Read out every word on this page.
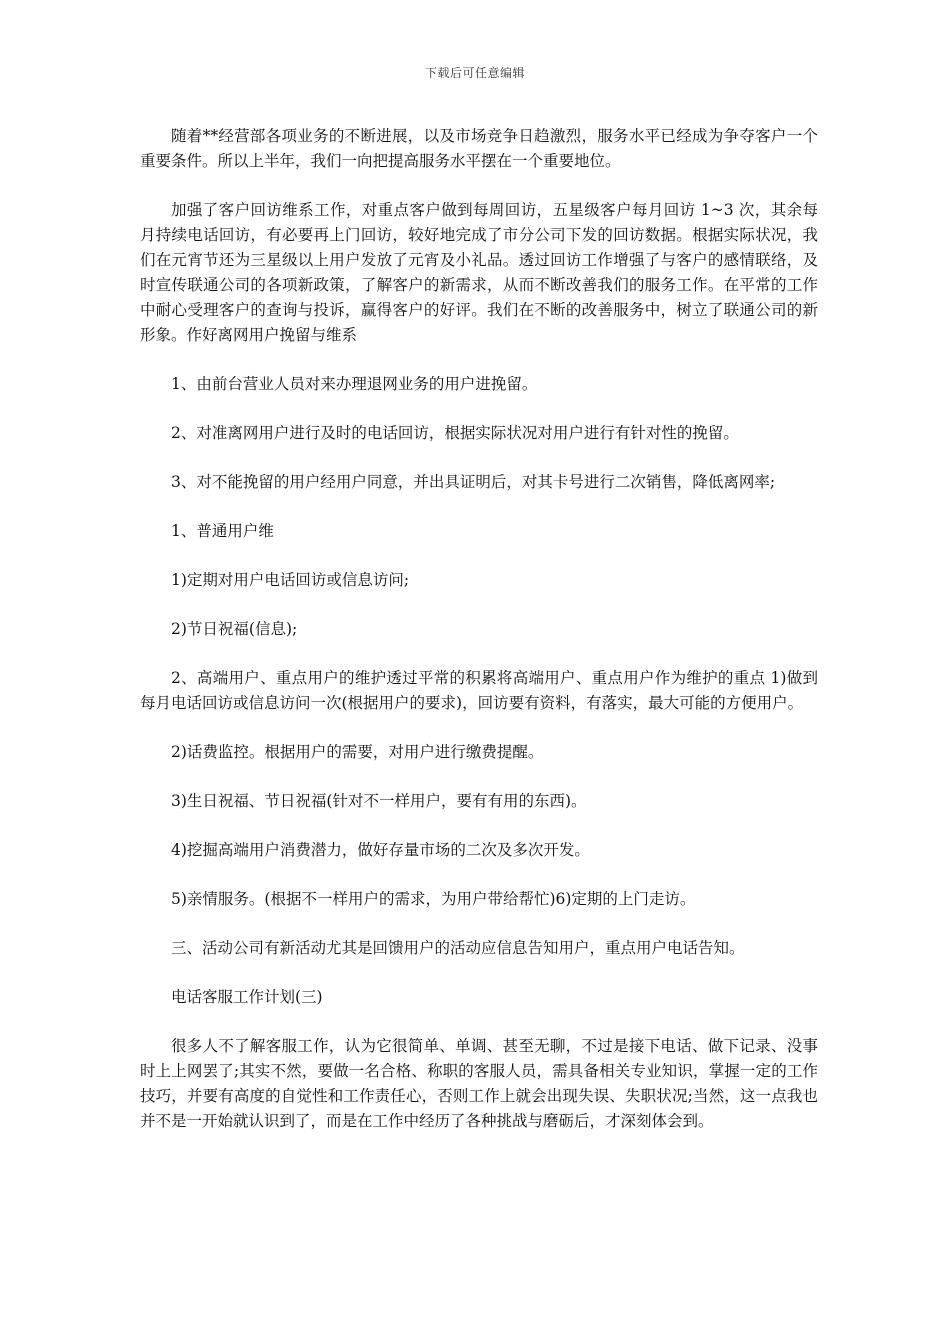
下载后可任意编辑

随着**经营部各项业务的不断进展，以及市场竞争日趋激烈，服务水平已经成为争夺客户一个重要条件。所以上半年，我们一向把提高服务水平摆在一个重要地位。

加强了客户回访维系工作，对重点客户做到每周回访，五星级客户每月回访 1~3 次，其余每月持续电话回访，有必要再上门回访，较好地完成了市分公司下发的回访数据。根据实际状况，我们在元宵节还为三星级以上用户发放了元宵及小礼品。透过回访工作增强了与客户的感情联络，及时宣传联通公司的各项新政策，了解客户的新需求，从而不断改善我们的服务工作。在平常的工作中耐心受理客户的查询与投诉，赢得客户的好评。我们在不断的改善服务中，树立了联通公司的新形象。作好离网用户挽留与维系

1、由前台营业人员对来办理退网业务的用户进挽留。

2、对准离网用户进行及时的电话回访，根据实际状况对用户进行有针对性的挽留。

3、对不能挽留的用户经用户同意，并出具证明后，对其卡号进行二次销售，降低离网率;

1、普通用户维

1)定期对用户电话回访或信息访问;

2)节日祝福(信息);

2、高端用户、重点用户的维护透过平常的积累将高端用户、重点用户作为维护的重点 1)做到每月电话回访或信息访问一次(根据用户的要求)，回访要有资料，有落实，最大可能的方便用户。

2)话费监控。根据用户的需要，对用户进行缴费提醒。

3)生日祝福、节日祝福(针对不一样用户，要有有用的东西)。

4)挖掘高端用户消费潜力，做好存量市场的二次及多次开发。

5)亲情服务。(根据不一样用户的需求，为用户带给帮忙)6)定期的上门走访。

三、活动公司有新活动尤其是回馈用户的活动应信息告知用户，重点用户电话告知。

电话客服工作计划(三)

很多人不了解客服工作，认为它很简单、单调、甚至无聊，不过是接下电话、做下记录、没事时上上网罢了;其实不然，要做一名合格、称职的客服人员，需具备相关专业知识，掌握一定的工作技巧，并要有高度的自觉性和工作责任心，否则工作上就会出现失误、失职状况;当然，这一点我也并不是一开始就认识到了，而是在工作中经历了各种挑战与磨砺后，才深刻体会到。
